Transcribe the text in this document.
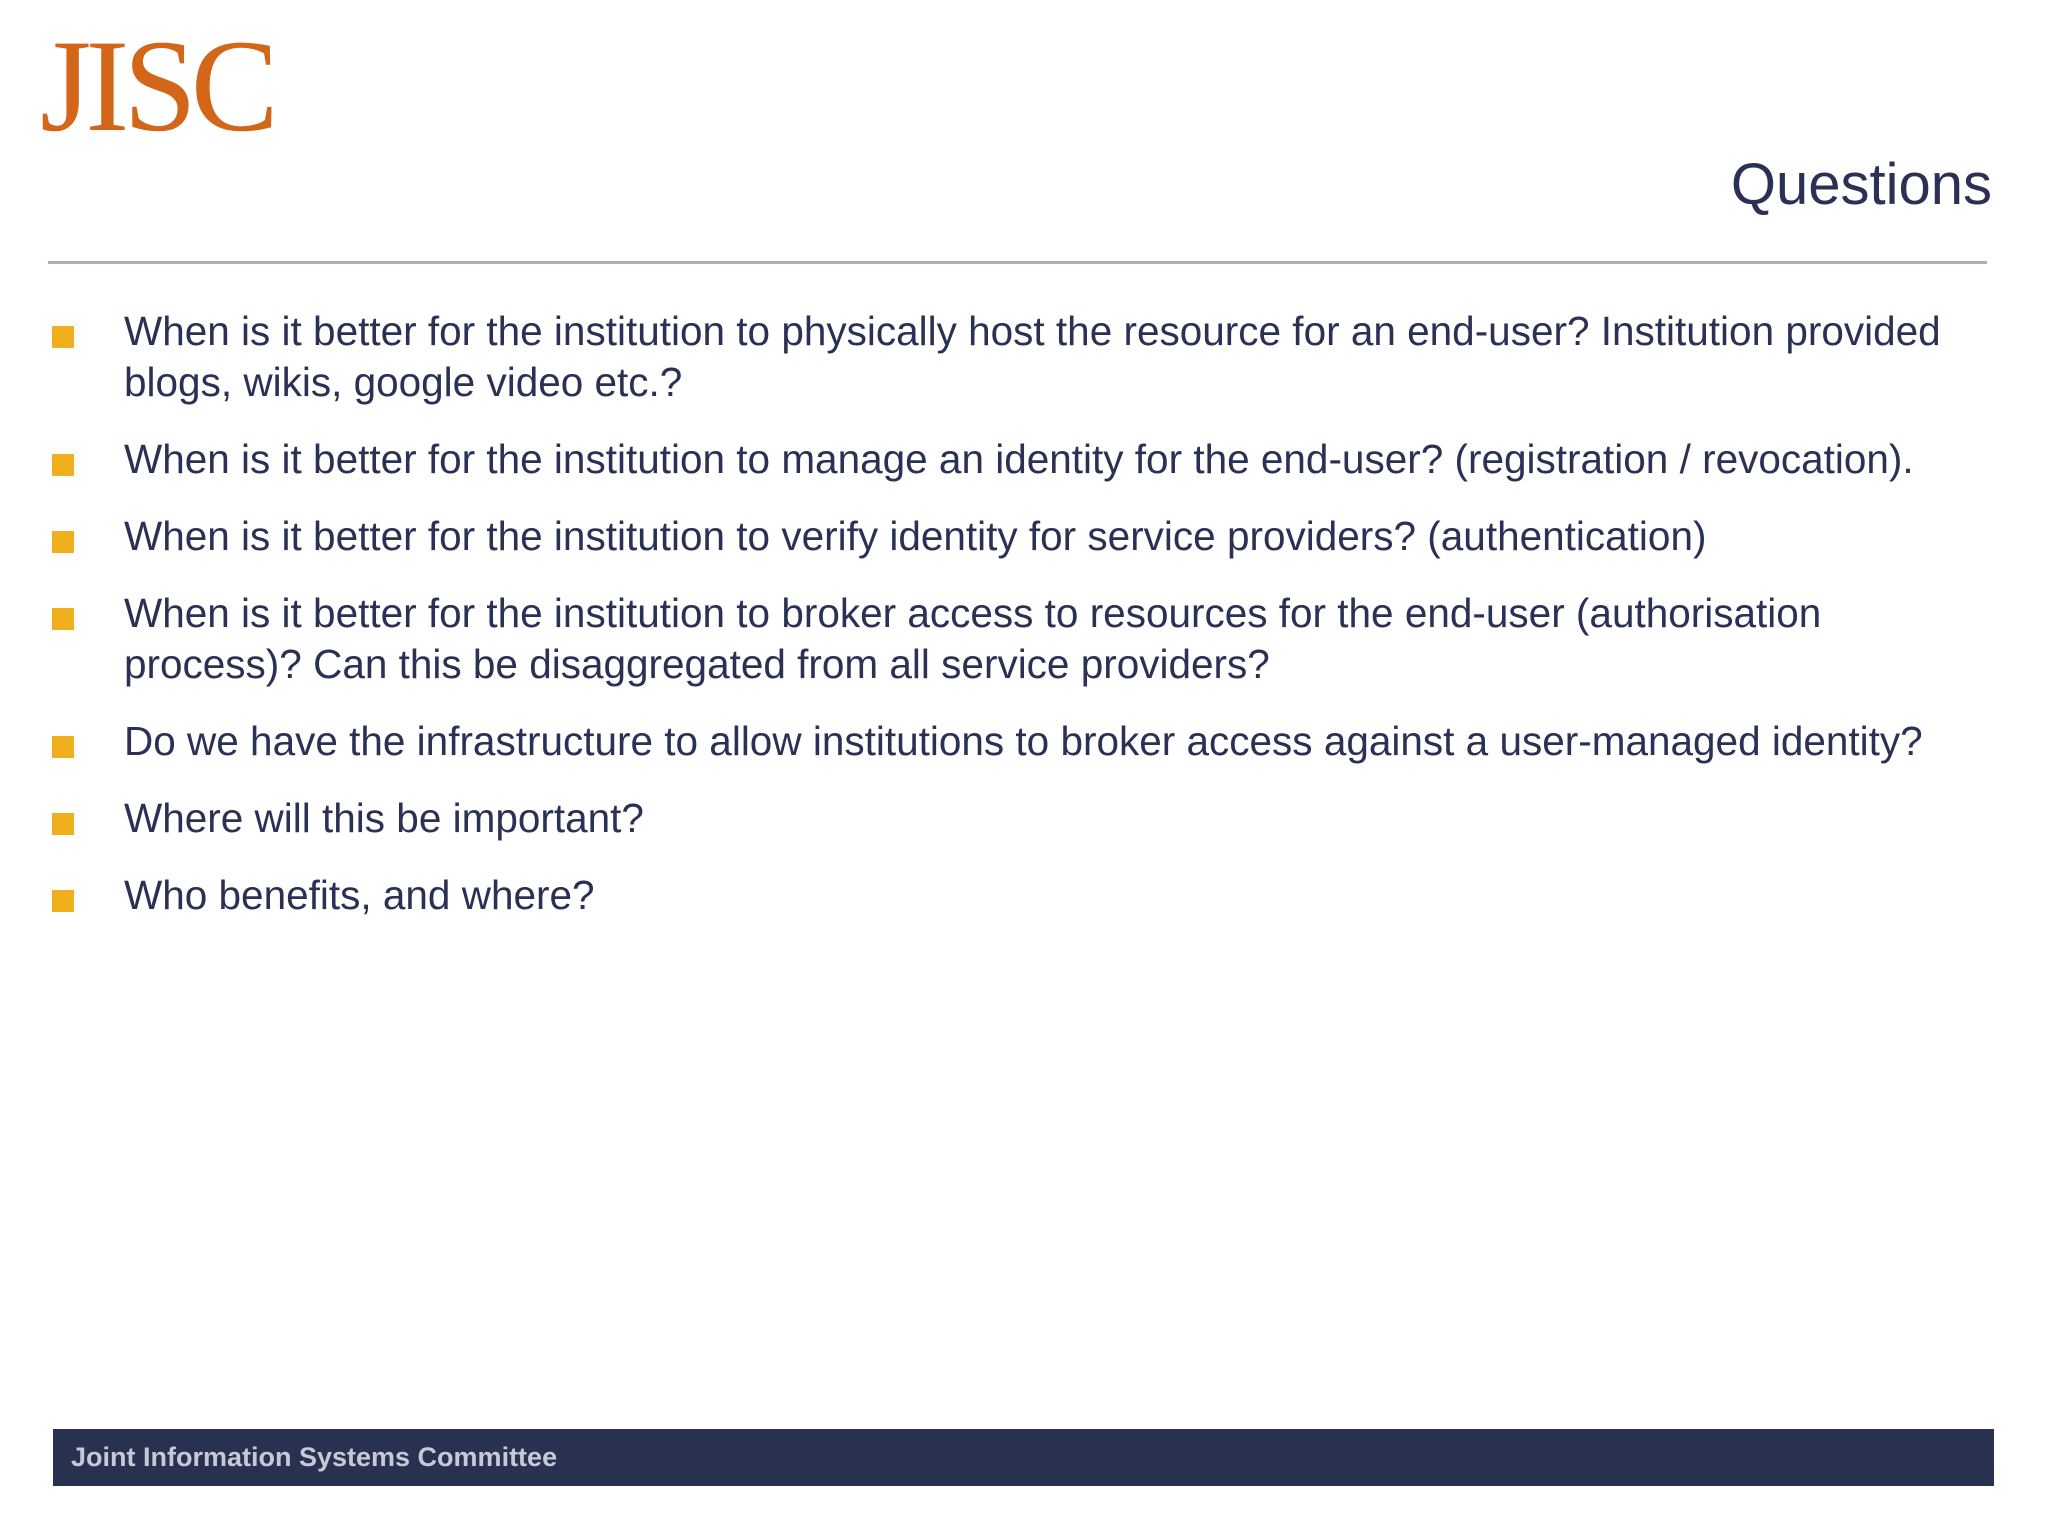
JISC
Questions
When is it better for the institution to physically host the resource for an end-user? Institution provided blogs, wikis, google video etc.?
When is it better for the institution to manage an identity for the end-user? (registration / revocation).
When is it better for the institution to verify identity for service providers? (authentication)
When is it better for the institution to broker access to resources for the end-user (authorisation process)? Can this be disaggregated from all service providers?
Do we have the infrastructure to allow institutions to broker access against a user-managed identity?
Where will this be important?
Who benefits, and where?
Joint Information Systems Committee
